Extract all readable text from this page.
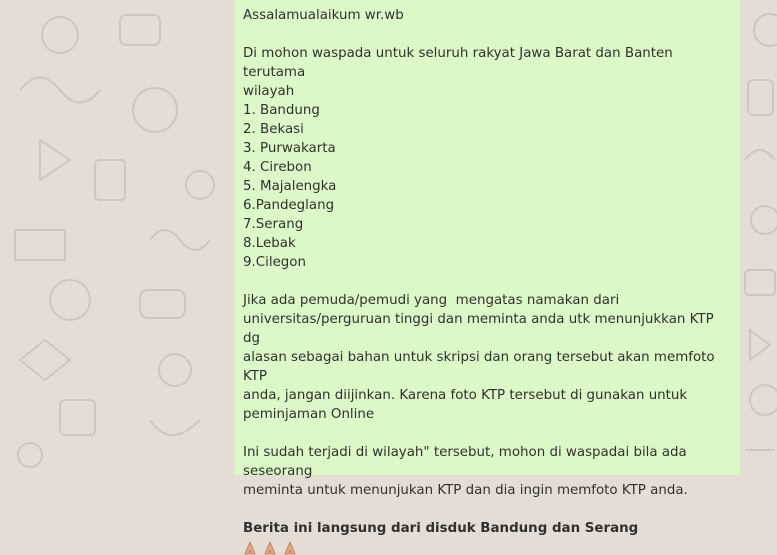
Assalamualaikum wr.wb
Di mohon waspada untuk seluruh rakyat Jawa Barat dan Banten terutama
wilayah
1. Bandung
2. Bekasi
3. Purwakarta
4. Cirebon
5. Majalengka
6.Pandeglang
7.Serang
8.Lebak
9.Cilegon
Jika ada pemuda/pemudi yang  mengatas namakan dari
universitas/perguruan tinggi dan meminta anda utk menunjukkan KTP dg
alasan sebagai bahan untuk skripsi dan orang tersebut akan memfoto KTP
anda, jangan diijinkan. Karena foto KTP tersebut di gunakan untuk
peminjaman Online
Ini sudah terjadi di wilayah" tersebut, mohon di waspadai bila ada seseorang
meminta untuk menunjukan KTP dan dia ingin memfoto KTP anda.
Berita ini langsung dari disduk Bandung dan Serang
